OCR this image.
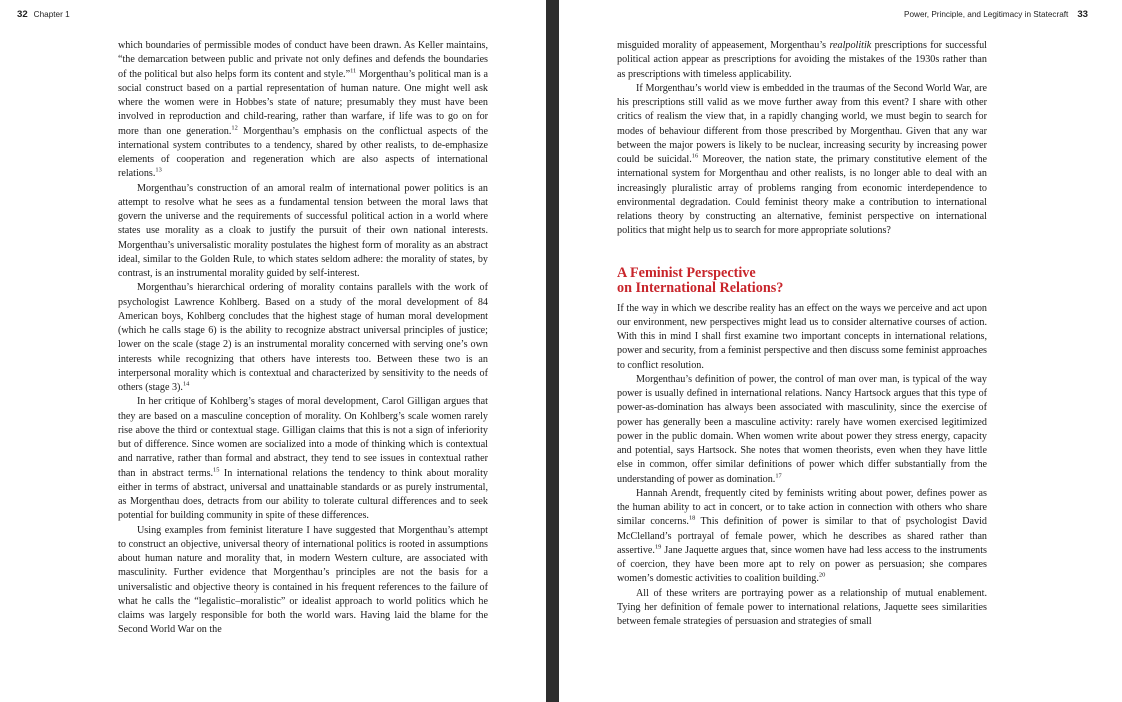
32 Chapter 1

which boundaries of permissible modes of conduct have been drawn. As Keller maintains, “the demarcation between public and private not only defines and defends the boundaries of the political but also helps form its content and style.”$^{11}$ Morgenthau’s political man is a social construct based on a partial representation of human nature. One might well ask where the women were in Hobbes’s state of nature; presumably they must have been involved in reproduction and child-rearing, rather than warfare, if life was to go on for more than one generation.$^{12}$ Morgenthau’s emphasis on the conflictual aspects of the international system contributes to a tendency, shared by other realists, to de-emphasize elements of cooperation and regeneration which are also aspects of international relations.$^{13}$

Morgenthau’s construction of an amoral realm of international power politics is an attempt to resolve what he sees as a fundamental tension between the moral laws that govern the universe and the requirements of successful political action in a world where states use morality as a cloak to justify the pursuit of their own national interests. Morgenthau’s universalistic morality postulates the highest form of morality as an abstract ideal, similar to the Golden Rule, to which states seldom adhere: the morality of states, by contrast, is an instrumental morality guided by self-interest.

Morgenthau’s hierarchical ordering of morality contains parallels with the work of psychologist Lawrence Kohlberg. Based on a study of the moral development of 84 American boys, Kohlberg concludes that the highest stage of human moral development (which he calls stage 6) is the ability to recognize abstract universal principles of justice; lower on the scale (stage 2) is an instrumental morality concerned with serving one’s own interests while recognizing that others have interests too. Between these two is an interpersonal morality which is contextual and characterized by sensitivity to the needs of others (stage 3).$^{14}$

In her critique of Kohlberg’s stages of moral development, Carol Gilligan argues that they are based on a masculine conception of morality. On Kohlberg’s scale women rarely rise above the third or contextual stage. Gilligan claims that this is not a sign of inferiority but of difference. Since women are socialized into a mode of thinking which is contextual and narrative, rather than formal and abstract, they tend to see issues in contextual rather than in abstract terms.$^{15}$ In international relations the tendency to think about morality either in terms of abstract, universal and unattainable standards or as purely instrumental, as Morgenthau does, detracts from our ability to tolerate cultural differences and to seek potential for building community in spite of these differences.

Using examples from feminist literature I have suggested that Morgenthau’s attempt to construct an objective, universal theory of international politics is rooted in assumptions about human nature and morality that, in modern Western culture, are associated with masculinity. Further evidence that Morgenthau’s principles are not the basis for a universalistic and objective theory is contained in his frequent references to the failure of what he calls the “legalistic–moralistic” or idealist approach to world politics which he claims was largely responsible for both the world wars. Having laid the blame for the Second World War on the

Power, Principle, and Legitimacy in Statecraft 33

misguided morality of appeasement, Morgenthau’s realpolitik prescriptions for successful political action appear as prescriptions for avoiding the mistakes of the 1930s rather than as prescriptions with timeless applicability.

If Morgenthau’s world view is embedded in the traumas of the Second World War, are his prescriptions still valid as we move further away from this event? I share with other critics of realism the view that, in a rapidly changing world, we must begin to search for modes of behaviour different from those prescribed by Morgenthau. Given that any war between the major powers is likely to be nuclear, increasing security by increasing power could be suicidal.$^{16}$ Moreover, the nation state, the primary constitutive element of the international system for Morgenthau and other realists, is no longer able to deal with an increasingly pluralistic array of problems ranging from economic interdependence to environmental degradation. Could feminist theory make a contribution to international relations theory by constructing an alternative, feminist perspective on international politics that might help us to search for more appropriate solutions?

A Feminist Perspective
on International Relations?

If the way in which we describe reality has an effect on the ways we perceive and act upon our environment, new perspectives might lead us to consider alternative courses of action. With this in mind I shall first examine two important concepts in international relations, power and security, from a feminist perspective and then discuss some feminist approaches to conflict resolution.

Morgenthau’s definition of power, the control of man over man, is typical of the way power is usually defined in international relations. Nancy Hartsock argues that this type of power-as-domination has always been associated with masculinity, since the exercise of power has generally been a masculine activity: rarely have women exercised legitimized power in the public domain. When women write about power they stress energy, capacity and potential, says Hartsock. She notes that women theorists, even when they have little else in common, offer similar definitions of power which differ substantially from the understanding of power as domination.$^{17}$

Hannah Arendt, frequently cited by feminists writing about power, defines power as the human ability to act in concert, or to take action in connection with others who share similar concerns.$^{18}$ This definition of power is similar to that of psychologist David McClelland’s portrayal of female power, which he describes as shared rather than assertive.$^{19}$ Jane Jaquette argues that, since women have had less access to the instruments of coercion, they have been more apt to rely on power as persuasion; she compares women’s domestic activities to coalition building.$^{20}$

All of these writers are portraying power as a relationship of mutual enablement. Tying her definition of female power to international relations, Jaquette sees similarities between female strategies of persuasion and strategies of small
